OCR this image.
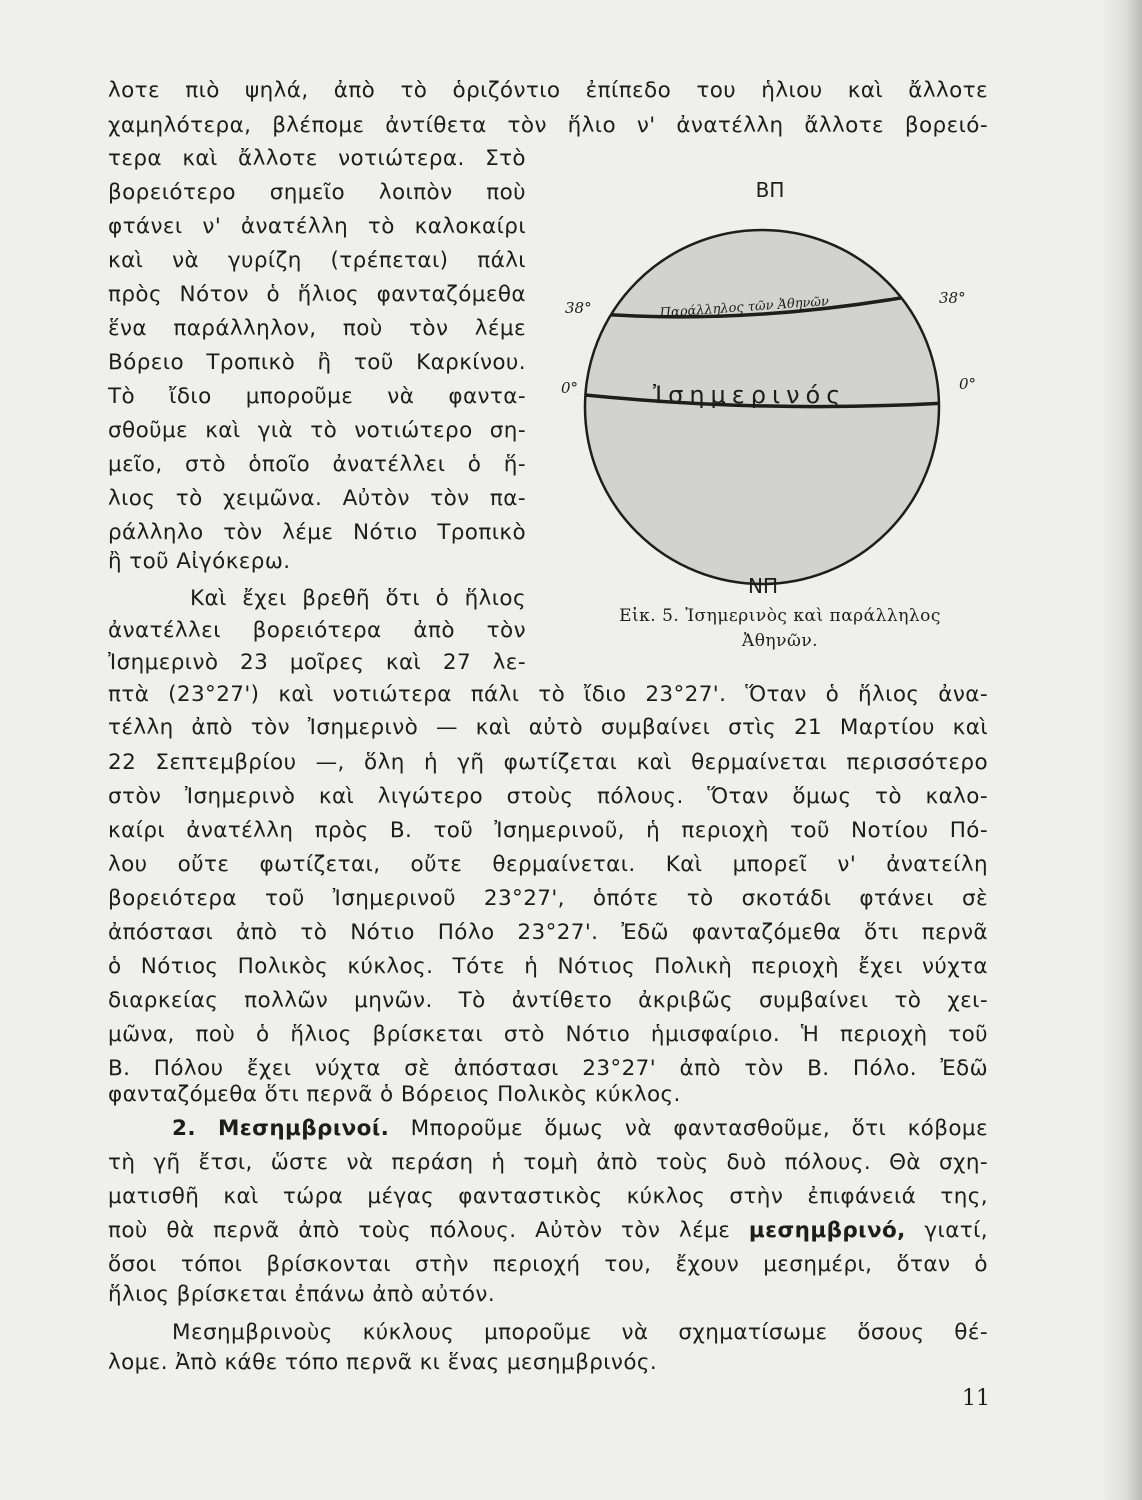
λοτε πιὸ ψηλά, ἀπὸ τὸ ὁριζόντιο ἐπίπεδο του ἡλιου καὶ ἄλλοτε
χαμηλότερα, βλέπομε ἀντίθετα τὸν ἥλιο ν' ἀνατέλλη ἄλλοτε βορειό-
τερα καὶ ἄλλοτε νοτιώτερα. Στὸ
βορειότερο σημεῖο λοιπὸν ποὺ
φτάνει ν' ἀνατέλλη τὸ καλοκαίρι
καὶ νὰ γυρίζη (τρέπεται) πάλι
πρὸς Νότον ὁ ἥλιος φανταζόμεθα
ἕνα παράλληλον, ποὺ τὸν λέμε
Βόρειο Τροπικὸ ἢ τοῦ Καρκίνου.
Τὸ ἴδιο μποροῦμε νὰ φαντα-
σθοῦμε καὶ γιὰ τὸ νοτιώτερο ση-
μεῖο, στὸ ὁποῖο ἀνατέλλει ὁ ἥ-
λιος τὸ χειμῶνα. Αὐτὸν τὸν πα-
ράλληλο τὸν λέμε Νότιο Τροπικὸ
ἢ τοῦ Αἰγόκερω.
Καὶ ἔχει βρεθῆ ὅτι ὁ ἥλιος
ἀνατέλλει βορειότερα ἀπὸ τὸν
Ἰσημερινὸ 23 μοῖρες καὶ 27 λε-
ΒΠ
ΝΠ
38°
38°
0°	0°
Παράλληλος τῶν Ἀθηνῶν
Ἰσημερινός
Εἰκ. 5. Ἰσημερινὸς καὶ παράλληλος
Ἀθηνῶν.
πτὰ (23°27') καὶ νοτιώτερα πάλι τὸ ἴδιο 23°27'. Ὅταν ὁ ἥλιος ἀνα-
τέλλη ἀπὸ τὸν Ἰσημερινὸ — καὶ αὐτὸ συμβαίνει στὶς 21 Μαρτίου καὶ
22 Σεπτεμβρίου —, ὅλη ἡ γῆ φωτίζεται καὶ θερμαίνεται περισσότερο
στὸν Ἰσημερινὸ καὶ λιγώτερο στοὺς πόλους. Ὅταν ὅμως τὸ καλο-
καίρι ἀνατέλλη πρὸς Β. τοῦ Ἰσημερινοῦ, ἡ περιοχὴ τοῦ Νοτίου Πό-
λου οὔτε φωτίζεται, οὔτε θερμαίνεται. Καὶ μπορεῖ ν' ἀνατείλη
βορειότερα τοῦ Ἰσημερινοῦ 23°27', ὁπότε τὸ σκοτάδι φτάνει σὲ
ἀπόστασι ἀπὸ τὸ Νότιο Πόλο 23°27'. Ἐδῶ φανταζόμεθα ὅτι περνᾶ
ὁ Νότιος Πολικὸς κύκλος. Τότε ἡ Νότιος Πολικὴ περιοχὴ ἔχει νύχτα
διαρκείας πολλῶν μηνῶν. Τὸ ἀντίθετο ἀκριβῶς συμβαίνει τὸ χει-
μῶνα, ποὺ ὁ ἥλιος βρίσκεται στὸ Νότιο ἡμισφαίριο. Ἡ περιοχὴ τοῦ
Β. Πόλου ἔχει νύχτα σὲ ἀπόστασι 23°27' ἀπὸ τὸν Β. Πόλο. Ἐδῶ
φανταζόμεθα ὅτι περνᾶ ὁ Βόρειος Πολικὸς κύκλος.
2. Μεσημβρινοί. Μποροῦμε ὅμως νὰ φαντασθοῦμε, ὅτι κόβομε
τὴ γῆ ἔτσι, ὥστε νὰ περάση ἡ τομὴ ἀπὸ τοὺς δυὸ πόλους. Θὰ σχη-
ματισθῆ καὶ τώρα μέγας φανταστικὸς κύκλος στὴν ἐπιφάνειά της,
ποὺ θὰ περνᾶ ἀπὸ τοὺς πόλους. Αὐτὸν τὸν λέμε μεσημβρινό, γιατί,
ὅσοι τόποι βρίσκονται στὴν περιοχή του, ἔχουν μεσημέρι, ὅταν ὁ
ἥλιος βρίσκεται ἐπάνω ἀπὸ αὐτόν.
Μεσημβρινοὺς κύκλους μποροῦμε νὰ σχηματίσωμε ὅσους θέ-
λομε. Ἀπὸ κάθε τόπο περνᾶ κι ἕνας μεσημβρινός.
11
